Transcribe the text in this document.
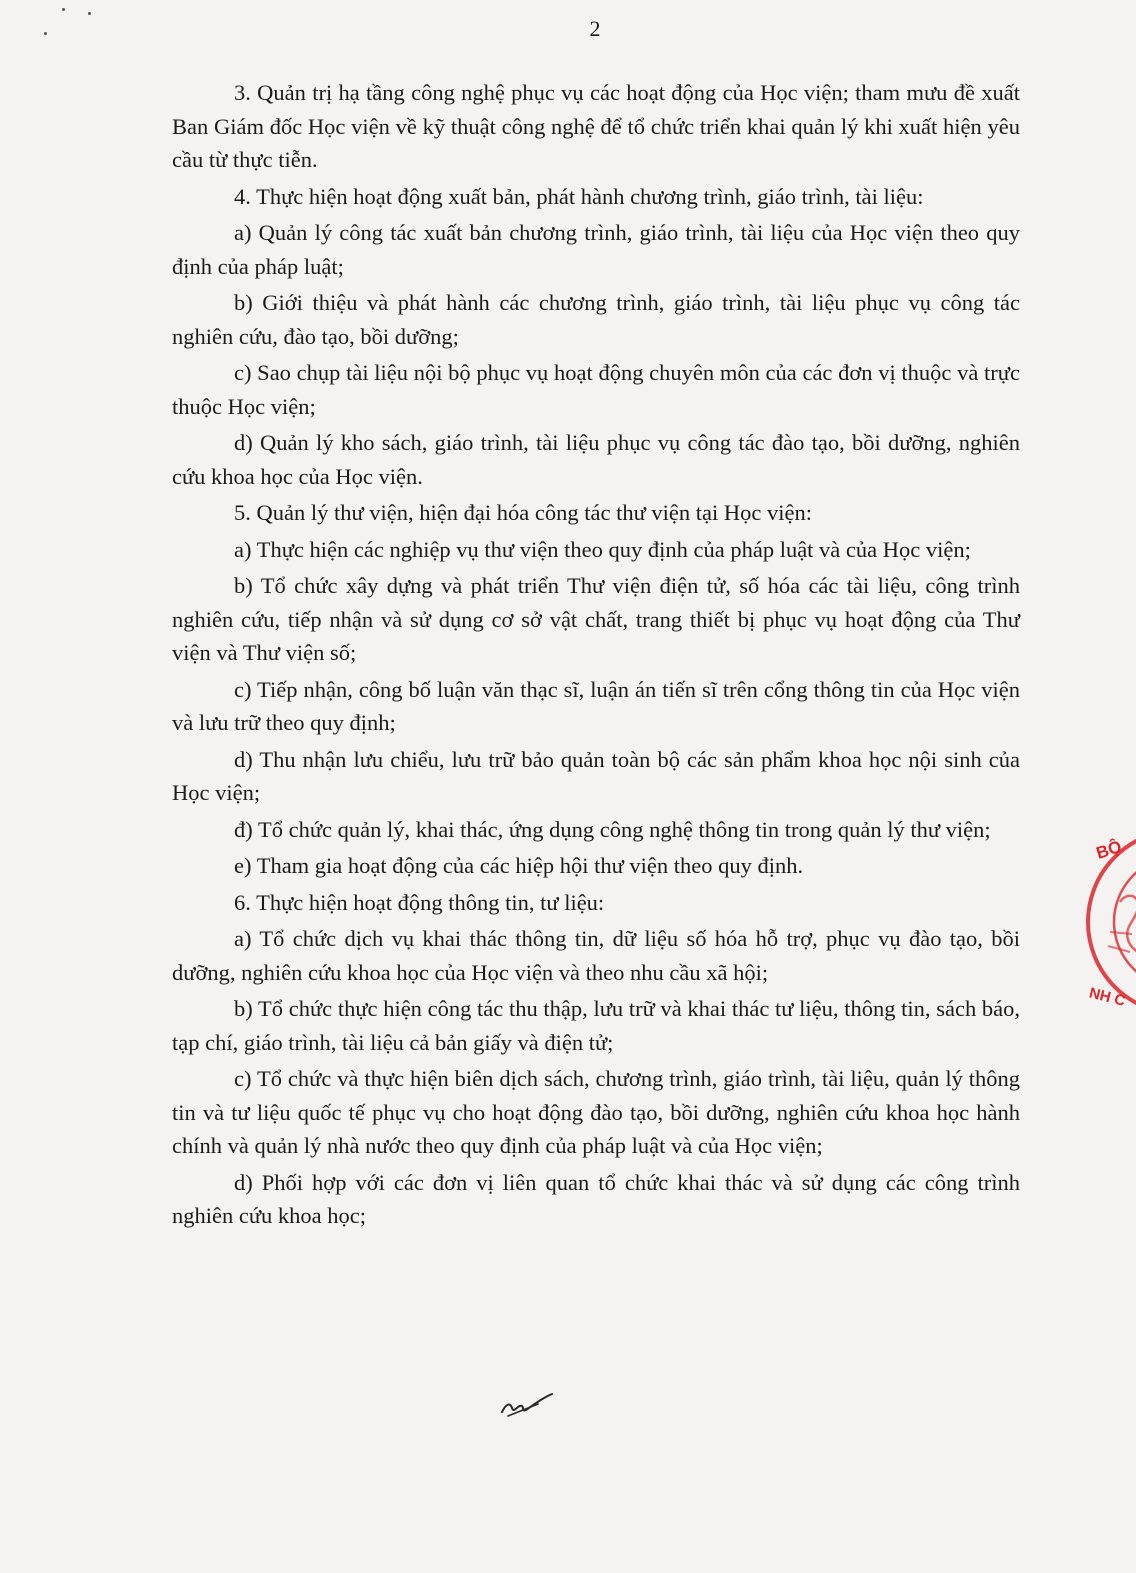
2

3. Quản trị hạ tầng công nghệ phục vụ các hoạt động của Học viện; tham mưu đề xuất Ban Giám đốc Học viện về kỹ thuật công nghệ để tổ chức triển khai quản lý khi xuất hiện yêu cầu từ thực tiễn.

4. Thực hiện hoạt động xuất bản, phát hành chương trình, giáo trình, tài liệu:

a) Quản lý công tác xuất bản chương trình, giáo trình, tài liệu của Học viện theo quy định của pháp luật;

b) Giới thiệu và phát hành các chương trình, giáo trình, tài liệu phục vụ công tác nghiên cứu, đào tạo, bồi dưỡng;

c) Sao chụp tài liệu nội bộ phục vụ hoạt động chuyên môn của các đơn vị thuộc và trực thuộc Học viện;

d) Quản lý kho sách, giáo trình, tài liệu phục vụ công tác đào tạo, bồi dưỡng, nghiên cứu khoa học của Học viện.

5. Quản lý thư viện, hiện đại hóa công tác thư viện tại Học viện:

a) Thực hiện các nghiệp vụ thư viện theo quy định của pháp luật và của Học viện;

b) Tổ chức xây dựng và phát triển Thư viện điện tử, số hóa các tài liệu, công trình nghiên cứu, tiếp nhận và sử dụng cơ sở vật chất, trang thiết bị phục vụ hoạt động của Thư viện và Thư viện số;

c) Tiếp nhận, công bố luận văn thạc sĩ, luận án tiến sĩ trên cổng thông tin của Học viện và lưu trữ theo quy định;

d) Thu nhận lưu chiểu, lưu trữ bảo quản toàn bộ các sản phẩm khoa học nội sinh của Học viện;

đ) Tổ chức quản lý, khai thác, ứng dụng công nghệ thông tin trong quản lý thư viện;

e) Tham gia hoạt động của các hiệp hội thư viện theo quy định.

6. Thực hiện hoạt động thông tin, tư liệu:

a) Tổ chức dịch vụ khai thác thông tin, dữ liệu số hóa hỗ trợ, phục vụ đào tạo, bồi dưỡng, nghiên cứu khoa học của Học viện và theo nhu cầu xã hội;

b) Tổ chức thực hiện công tác thu thập, lưu trữ và khai thác tư liệu, thông tin, sách báo, tạp chí, giáo trình, tài liệu cả bản giấy và điện tử;

c) Tổ chức và thực hiện biên dịch sách, chương trình, giáo trình, tài liệu, quản lý thông tin và tư liệu quốc tế phục vụ cho hoạt động đào tạo, bồi dưỡng, nghiên cứu khoa học hành chính và quản lý nhà nước theo quy định của pháp luật và của Học viện;

d) Phối hợp với các đơn vị liên quan tổ chức khai thác và sử dụng các công trình nghiên cứu khoa học;

BỘ
NH C
